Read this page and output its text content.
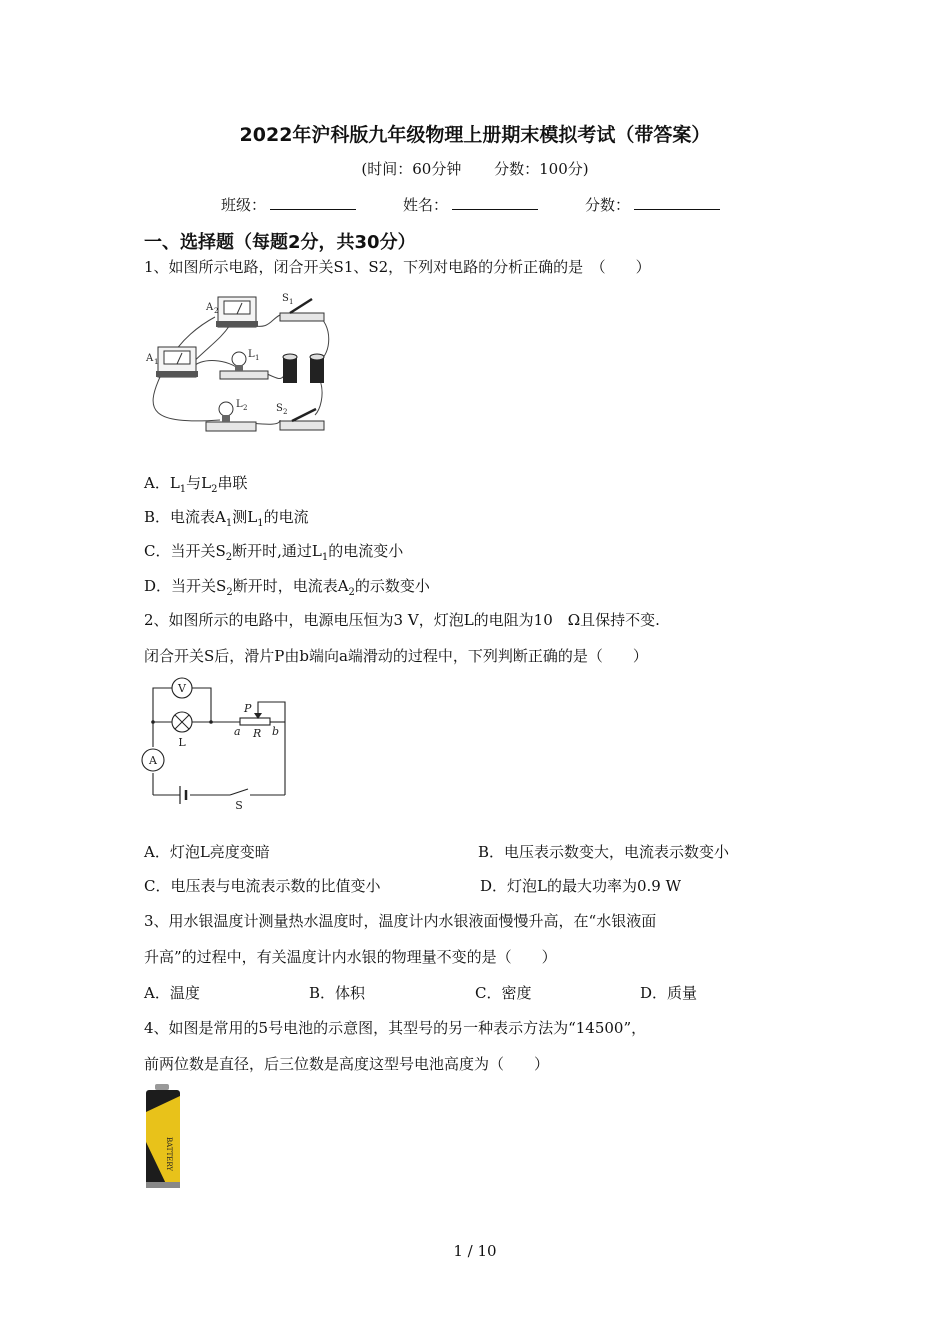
2022年沪科版九年级物理上册期末模拟考试（带答案）
(时间：60分钟 分数：100分)
班级：	姓名：	分数：
一、选择题（每题2分，共30分）
1、如图所示电路，闭合开关S1、S2，下列对电路的分析正确的是　（　　）
A 2
A 1
S 1
L 1
L 2	S 2
A．$L_1$与$L_2$串联
B．电流表$A_1$测$L_1$的电流
C．当开关$S_2$断开时,通过$L_1$的电流变小
D．当开关$S_2$断开时，电流表$A_2$的示数变小
2、如图所示的电路中，电源电压恒为3 V，灯泡L的电阻为10　Ω且保持不变.
闭合开关S后，滑片P由b端向a端滑动的过程中，下列判断正确的是（　　）
V
L
A
P
a R b
S
A．灯泡L亮度变暗	B．电压表示数变大，电流表示数变小
C．电压表与电流表示数的比值变小	D．灯泡L的最大功率为0.9 W
3、用水银温度计测量热水温度时，温度计内水银液面慢慢升高，在“水银液面
升高”的过程中，有关温度计内水银的物理量不变的是（　　）
A．温度	B．体积	C．密度	D．质量
4、如图是常用的5号电池的示意图，其型号的另一种表示方法为“14500”，
前两位数是直径，后三位数是高度这型号电池高度为（　　）
BATTERY
1 / 10
